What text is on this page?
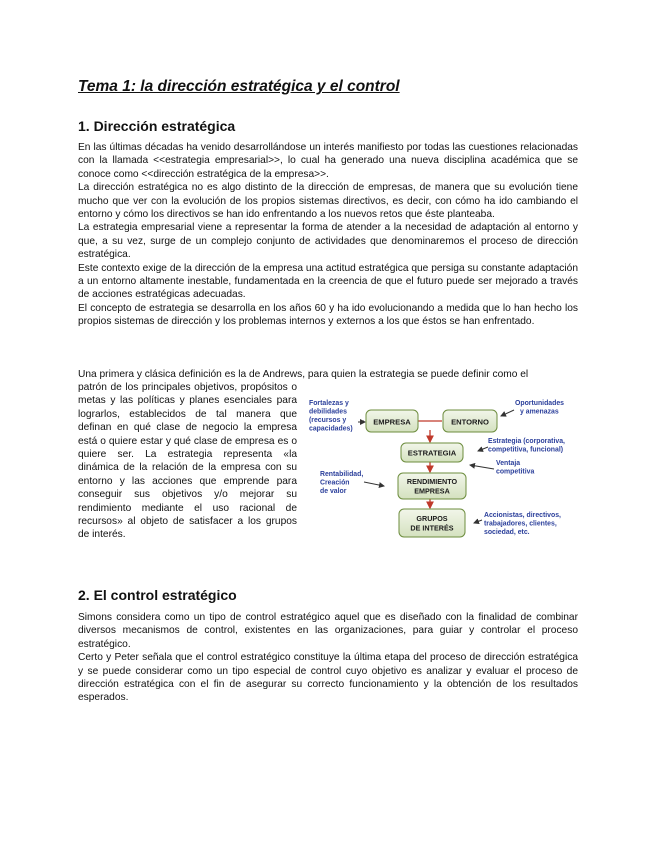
Tema 1: la dirección estratégica y el control
1. Dirección estratégica

En las últimas décadas ha venido desarrollándose un interés manifiesto por todas las cuestiones relacionadas con la llamada <<estrategia empresarial>>, lo cual ha generado una nueva disciplina académica que se conoce como <<dirección estratégica de la empresa>>.

La dirección estratégica no es algo distinto de la dirección de empresas, de manera que su evolución tiene mucho que ver con la evolución de los propios sistemas directivos, es decir, con cómo ha ido cambiando el entorno y cómo los directivos se han ido enfrentando a los nuevos retos que éste planteaba.

La estrategia empresarial viene a representar la forma de atender a la necesidad de adaptación al entorno y que, a su vez, surge de un complejo conjunto de actividades que denominaremos el proceso de dirección estratégica.

Este contexto exige de la dirección de la empresa una actitud estratégica que persiga su constante adaptación a un entorno altamente inestable, fundamentada en la creencia de que el futuro puede ser mejorado a través de acciones estratégicas adecuadas.

El concepto de estrategia se desarrolla en los años 60 y ha ido evolucionando a medida que lo han hecho los propios sistemas de dirección y los problemas internos y externos a los que éstos se han enfrentado.

Una primera y clásica definición es la de Andrews, para quien la estrategia se puede definir como el

patrón de los principales objetivos, propósitos o metas y las políticas y planes esenciales para lograrlos, establecidos de tal manera que definan en qué clase de negocio la empresa está o quiere estar y qué clase de empresa es o quiere ser. La estrategia representa «la dinámica de la relación de la empresa con su entorno y las acciones que emprende para conseguir sus objetivos y/o mejorar su rendimiento mediante el uso racional de recursos» al objeto de satisfacer a los grupos de interés.

EMPRESA	ENTORNO
ESTRATEGIA
RENDIMIENTO
EMPRESA
GRUPOS
DE INTERÉS
Fortalezas y
debilidades
(recursos y
capacidades)
Oportunidades
y amenazas
Estrategia (corporativa,
competitiva, funcional)
Ventaja
competitiva
Rentabilidad,
Creación
de valor
Accionistas, directivos,
trabajadores, clientes,
sociedad, etc.
2. El control estratégico

Simons considera como un tipo de control estratégico aquel que es diseñado con la finalidad de combinar diversos mecanismos de control, existentes en las organizaciones, para guiar y controlar el proceso estratégico.

Certo y Peter señala que el control estratégico constituye la última etapa del proceso de dirección estratégica y se puede considerar como un tipo especial de control cuyo objetivo es analizar y evaluar el proceso de dirección estratégica con el fin de asegurar su correcto funcionamiento y la obtención de los resultados esperados.
